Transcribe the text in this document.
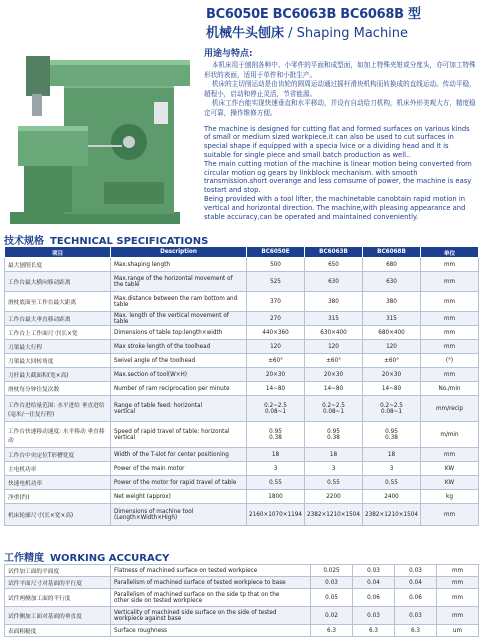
BC6050E BC6063B BC6068B 型
机械牛头刨床 / Shaping Machine
用途与特点:

本机床用于刨削各种中、小零件的平面和成型面，如加上特殊夹钳或分度头，亦可加工特殊形状的表面，适用于单件和小批生产。

机床的主切削运动是由齿轮的圆周运动通过摇杆滑块机构而转换成的直线运动。传动平稳，超程小，启动和停止灵活，节省能源。

机床工作台能实现快速垂直和水平移动，并设有自动给刀机构，机床外形美观大方，精度稳定可靠，操作维修方便。

The machine is designed for cutting flat and formed surfaces on various kinds of small or medium sized workpiece.it can also be used to cut surfaces in special shape if equipped with a specia lvice or a dividing head and it is suitable for single piece and small batch production as well..

The main cutting motion of the machine is linear motion being converted from circular motion og gears by linkblock mechanism. with smooth transmission.short overange and less comsume of power, the machine is easy tostart and stop.

Being provided with a tool lifter, the machinetable canobtain rapid motion in vertical and horizontal direction. The machine,with pleasing appearance and stable accuracy,can be operated and maintained conveniently.

技术规格 TECHNICAL SPECIFICATIONS
项目	Description	BC6050E	BC6063B	BC6068B	单位
最大刨削长度	Max.shaping length	500	650	680	mm
工作台最大横向移动距离	Max.range of the horizontal movement of
the table	525	630	630	mm
滑枕底面至工作台最大距离	Max.distance between the ram bottom and
table	370	380	380	mm
工作台最大垂直移动距离	Max. length of the vertical movement of table	270	315	315	mm
工作台上工作面尺寸(长×宽	Dimensions of table top:length×width	440×360	630×400	680×400	mm
刀架最大行程	Max stroke length of the toolhead	120	120	120	mm
刀架最大回转角度	Swivel angle of the toolhead	±60°	±60°	±60°	(°)
刀杆最大截面积(宽×高)	Max.section of tool(W×H)	20×30	20×30	20×30	mm
滑枕每分钟往复次数	Number of ram reciprocation per minute	14~80	14~80	14~80	No./min
工作台进给量范围: 水平进给 垂直进给 (毫米/一往复行程)	Range of table feed: horizontal
vertical	0.2~2.5
0.08~1	0.2~2.5
0.08~1	0.2~2.5
0.08~1	mm/recip
工作台快速移动速度: 水平移动 垂直移动	Speed of rapid travel of table: horizontal
vertical	0.95
0.38	0.95
0.38	0.95
0.38	m/min
工作台中央定位T形槽宽度	Width of the T-slot for center positioning	18	18	18	mm
主电机功率	Power of the main motor	3	3	3	KW
快速电机功率	Power of the motor for rapid travel of table	0.55	0.55	0.55	KW
净重(约)	Net weight (approx)	1800	2200	2400	kg
机床轮廓尺寸(长×宽×高)	Dimensions of machine tool
(Length×Width×High)	2160×1070×1194	2382×1210×1504	2382×1210×1504	mm
工作精度 WORKING ACCURACY
试件加工面的平面度	Flatness of machined surface on tested workpiece	0.025	0.03	0.03	mm
试件平面尺寸对基面的平行度	Parallelism of machined surface of tested workpiece to base	0.03	0.04	0.04	mm
试件两侧加工面的平行度	Parallelism of machined surface on the side tp that on the
other side on tested workpiece	0.05	0.06	0.06	mm
试件侧加工面对基面的垂直度	Verticality of machined side surface on the side of tested
workpiece against base	0.02	0.03	0.03	mm
表面粗糙度	Surface roughness	6.3	6.3	6.3	um
